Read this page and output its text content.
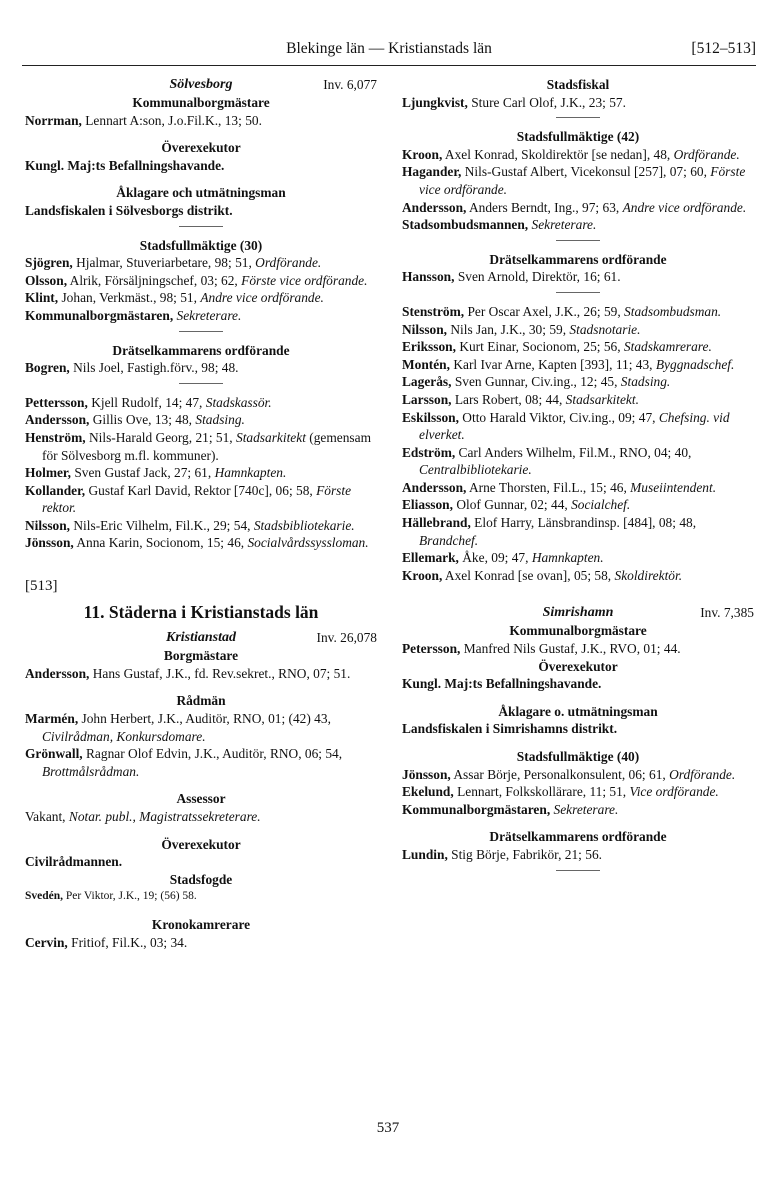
Blekinge län — Kristianstads län	[512–513]
Sölvesborg	Inv. 6,077
Kommunalborgmästare
Norrman, Lennart A:son, J.o.Fil.K., 13; 50.
Överexekutor
Kungl. Maj:ts Befallningshavande.
Åklagare och utmätningsman
Landsfiskalen i Sölvesborgs distrikt.
Stadsfullmäktige (30)
Sjögren, Hjalmar, Stuveriarbetare, 98; 51, Ordförande.
Olsson, Alrik, Försäljningschef, 03; 62, Förste vice ordförande.
Klint, Johan, Verkmäst., 98; 51, Andre vice ordförande.
Kommunalborgmästaren, Sekreterare.
Drätselkammarens ordförande
Bogren, Nils Joel, Fastigh.förv., 98; 48.
Pettersson, Kjell Rudolf, 14; 47, Stadskassör.
Andersson, Gillis Ove, 13; 48, Stadsing.
Henström, Nils-Harald Georg, 21; 51, Stadsarkitekt (gemensam för Sölvesborg m.fl. kommuner).
Holmer, Sven Gustaf Jack, 27; 61, Hamnkapten.
Kollander, Gustaf Karl David, Rektor [740c], 06; 58, Förste rektor.
Nilsson, Nils-Eric Vilhelm, Fil.K., 29; 54, Stadsbibliotekarie.
Jönsson, Anna Karin, Socionom, 15; 46, Socialvårdssyssloman.
[513]
11. Städerna i Kristianstads län
Kristianstad	Inv. 26,078
Borgmästare
Andersson, Hans Gustaf, J.K., fd. Rev.sekret., RNO, 07; 51.
Rådmän
Marmén, John Herbert, J.K., Auditör, RNO, 01; (42) 43, Civilrådman, Konkursdomare.
Grönwall, Ragnar Olof Edvin, J.K., Auditör, RNO, 06; 54, Brottmålsrådman.
Assessor
Vakant, Notar. publ., Magistratssekreterare.
Överexekutor
Civilrådmannen.
Stadsfogde
Svedén, Per Viktor, J.K., 19; (56) 58.
Kronokamrerare
Cervin, Fritiof, Fil.K., 03; 34.
Stadsfiskal
Ljungkvist, Sture Carl Olof, J.K., 23; 57.
Stadsfullmäktige (42)
Kroon, Axel Konrad, Skoldirektör [se nedan], 48, Ordförande.
Hagander, Nils-Gustaf Albert, Vicekonsul [257], 07; 60, Förste vice ordförande.
Andersson, Anders Berndt, Ing., 97; 63, Andre vice ordförande.
Stadsombudsmannen, Sekreterare.
Drätselkammarens ordförande
Hansson, Sven Arnold, Direktör, 16; 61.
Stenström, Per Oscar Axel, J.K., 26; 59, Stadsombudsman.
Nilsson, Nils Jan, J.K., 30; 59, Stadsnotarie.
Eriksson, Kurt Einar, Socionom, 25; 56, Stadskamrerare.
Montén, Karl Ivar Arne, Kapten [393], 11; 43, Byggnadschef.
Lagerås, Sven Gunnar, Civ.ing., 12; 45, Stadsing.
Larsson, Lars Robert, 08; 44, Stadsarkitekt.
Eskilsson, Otto Harald Viktor, Civ.ing., 09; 47, Chefsing. vid elverket.
Edström, Carl Anders Wilhelm, Fil.M., RNO, 04; 40, Centralbibliotekarie.
Andersson, Arne Thorsten, Fil.L., 15; 46, Museiintendent.
Eliasson, Olof Gunnar, 02; 44, Socialchef.
Hällebrand, Elof Harry, Länsbrandinsp. [484], 08; 48, Brandchef.
Ellemark, Åke, 09; 47, Hamnkapten.
Kroon, Axel Konrad [se ovan], 05; 58, Skoldirektör.
Simrishamn	Inv. 7,385
Kommunalborgmästare
Petersson, Manfred Nils Gustaf, J.K., RVO, 01; 44.
Överexekutor
Kungl. Maj:ts Befallningshavande.
Åklagare o. utmätningsman
Landsfiskalen i Simrishamns distrikt.
Stadsfullmäktige (40)
Jönsson, Assar Börje, Personalkonsulent, 06; 61, Ordförande.
Ekelund, Lennart, Folkskollärare, 11; 51, Vice ordförande.
Kommunalborgmästaren, Sekreterare.
Drätselkammarens ordförande
Lundin, Stig Börje, Fabrikör, 21; 56.
537
